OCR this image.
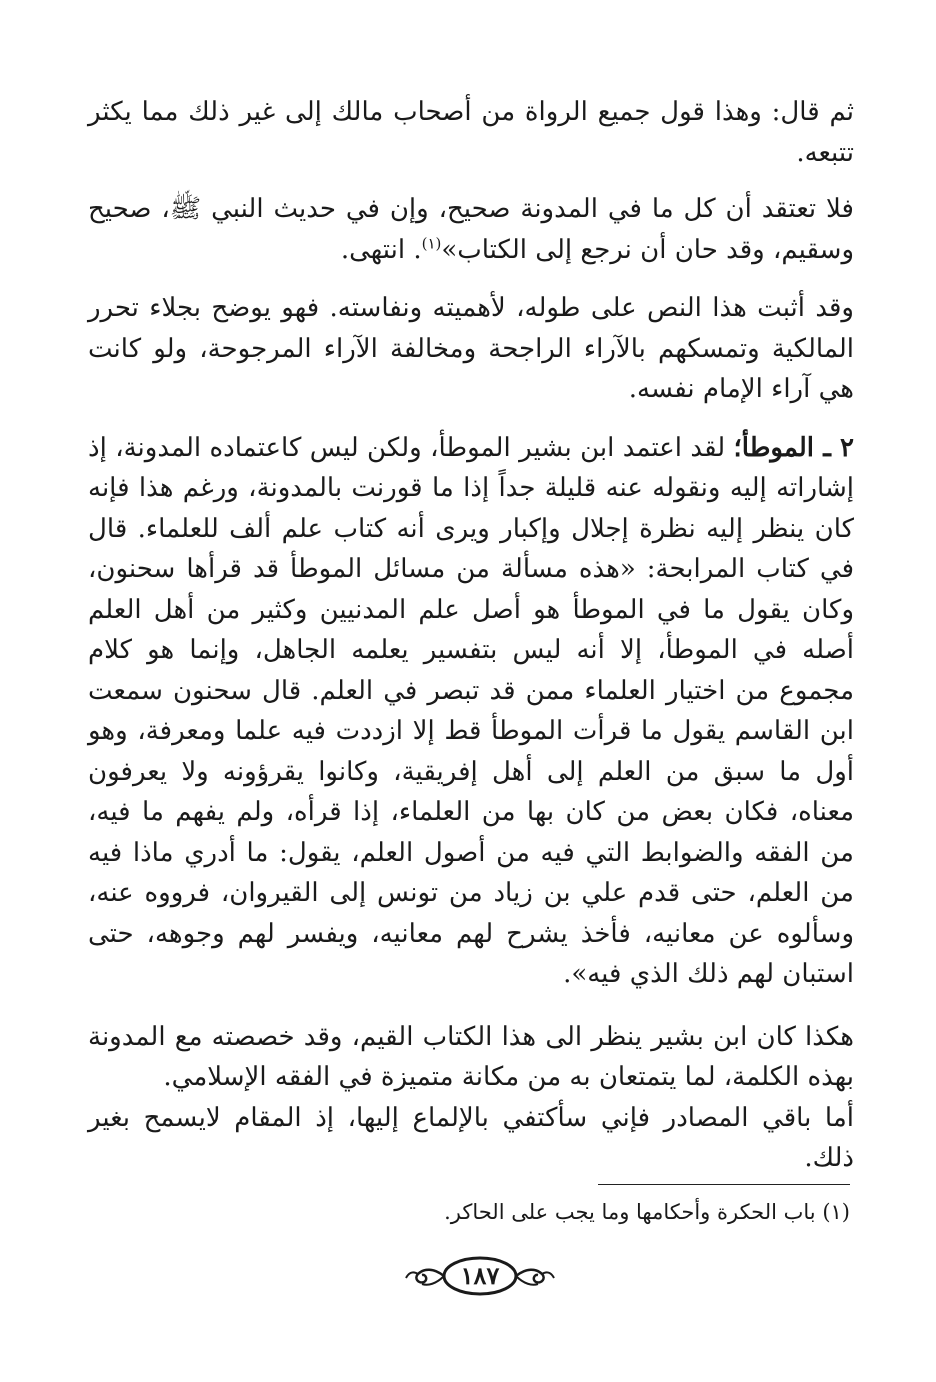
ثم قال: وهذا قول جميع الرواة من أصحاب مالك إلى غير ذلك مما يكثر تتبعه.

فلا تعتقد أن كل ما في المدونة صحيح، وإن في حديث النبي ﷺ، صحيح وسقيم، وقد حان أن نرجع إلى الكتاب»$^{(١)}$. انتهى.

وقد أثبت هذا النص على طوله، لأهميته ونفاسته. فهو يوضح بجلاء تحرر المالكية وتمسكهم بالآراء الراجحة ومخالفة الآراء المرجوحة، ولو كانت هي آراء الإمام نفسه.

٢ ـ الموطأ؛ لقد اعتمد ابن بشير الموطأ، ولكن ليس كاعتماده المدونة، إذ إشاراته إليه ونقوله عنه قليلة جداً إذا ما قورنت بالمدونة، ورغم هذا فإنه كان ينظر إليه نظرة إجلال وإكبار ويرى أنه كتاب علم ألف للعلماء. قال في كتاب المرابحة: «هذه مسألة من مسائل الموطأ قد قرأها سحنون، وكان يقول ما في الموطأ هو أصل علم المدنيين وكثير من أهل العلم أصله في الموطأ، إلا أنه ليس بتفسير يعلمه الجاهل، وإنما هو كلام مجموع من اختيار العلماء ممن قد تبصر في العلم. قال سحنون سمعت ابن القاسم يقول ما قرأت الموطأ قط إلا ازددت فيه علما ومعرفة، وهو أول ما سبق من العلم إلى أهل إفريقية، وكانوا يقرؤونه ولا يعرفون معناه، فكان بعض من كان بها من العلماء، إذا قرأه، ولم يفهم ما فيه، من الفقه والضوابط التي فيه من أصول العلم، يقول: ما أدري ماذا فيه من العلم، حتى قدم علي بن زياد من تونس إلى القيروان، فرووه عنه، وسألوه عن معانيه، فأخذ يشرح لهم معانيه، ويفسر لهم وجوهه، حتى استبان لهم ذلك الذي فيه».

هكذا كان ابن بشير ينظر الى هذا الكتاب القيم، وقد خصصته مع المدونة بهذه الكلمة، لما يتمتعان به من مكانة متميزة في الفقه الإسلامي.

أما باقي المصادر فإني سأكتفي بالإلماع إليها، إذ المقام لايسمح بغير ذلك.

(١) باب الحكرة وأحكامها وما يجب على الحاكر.
١٨٧
